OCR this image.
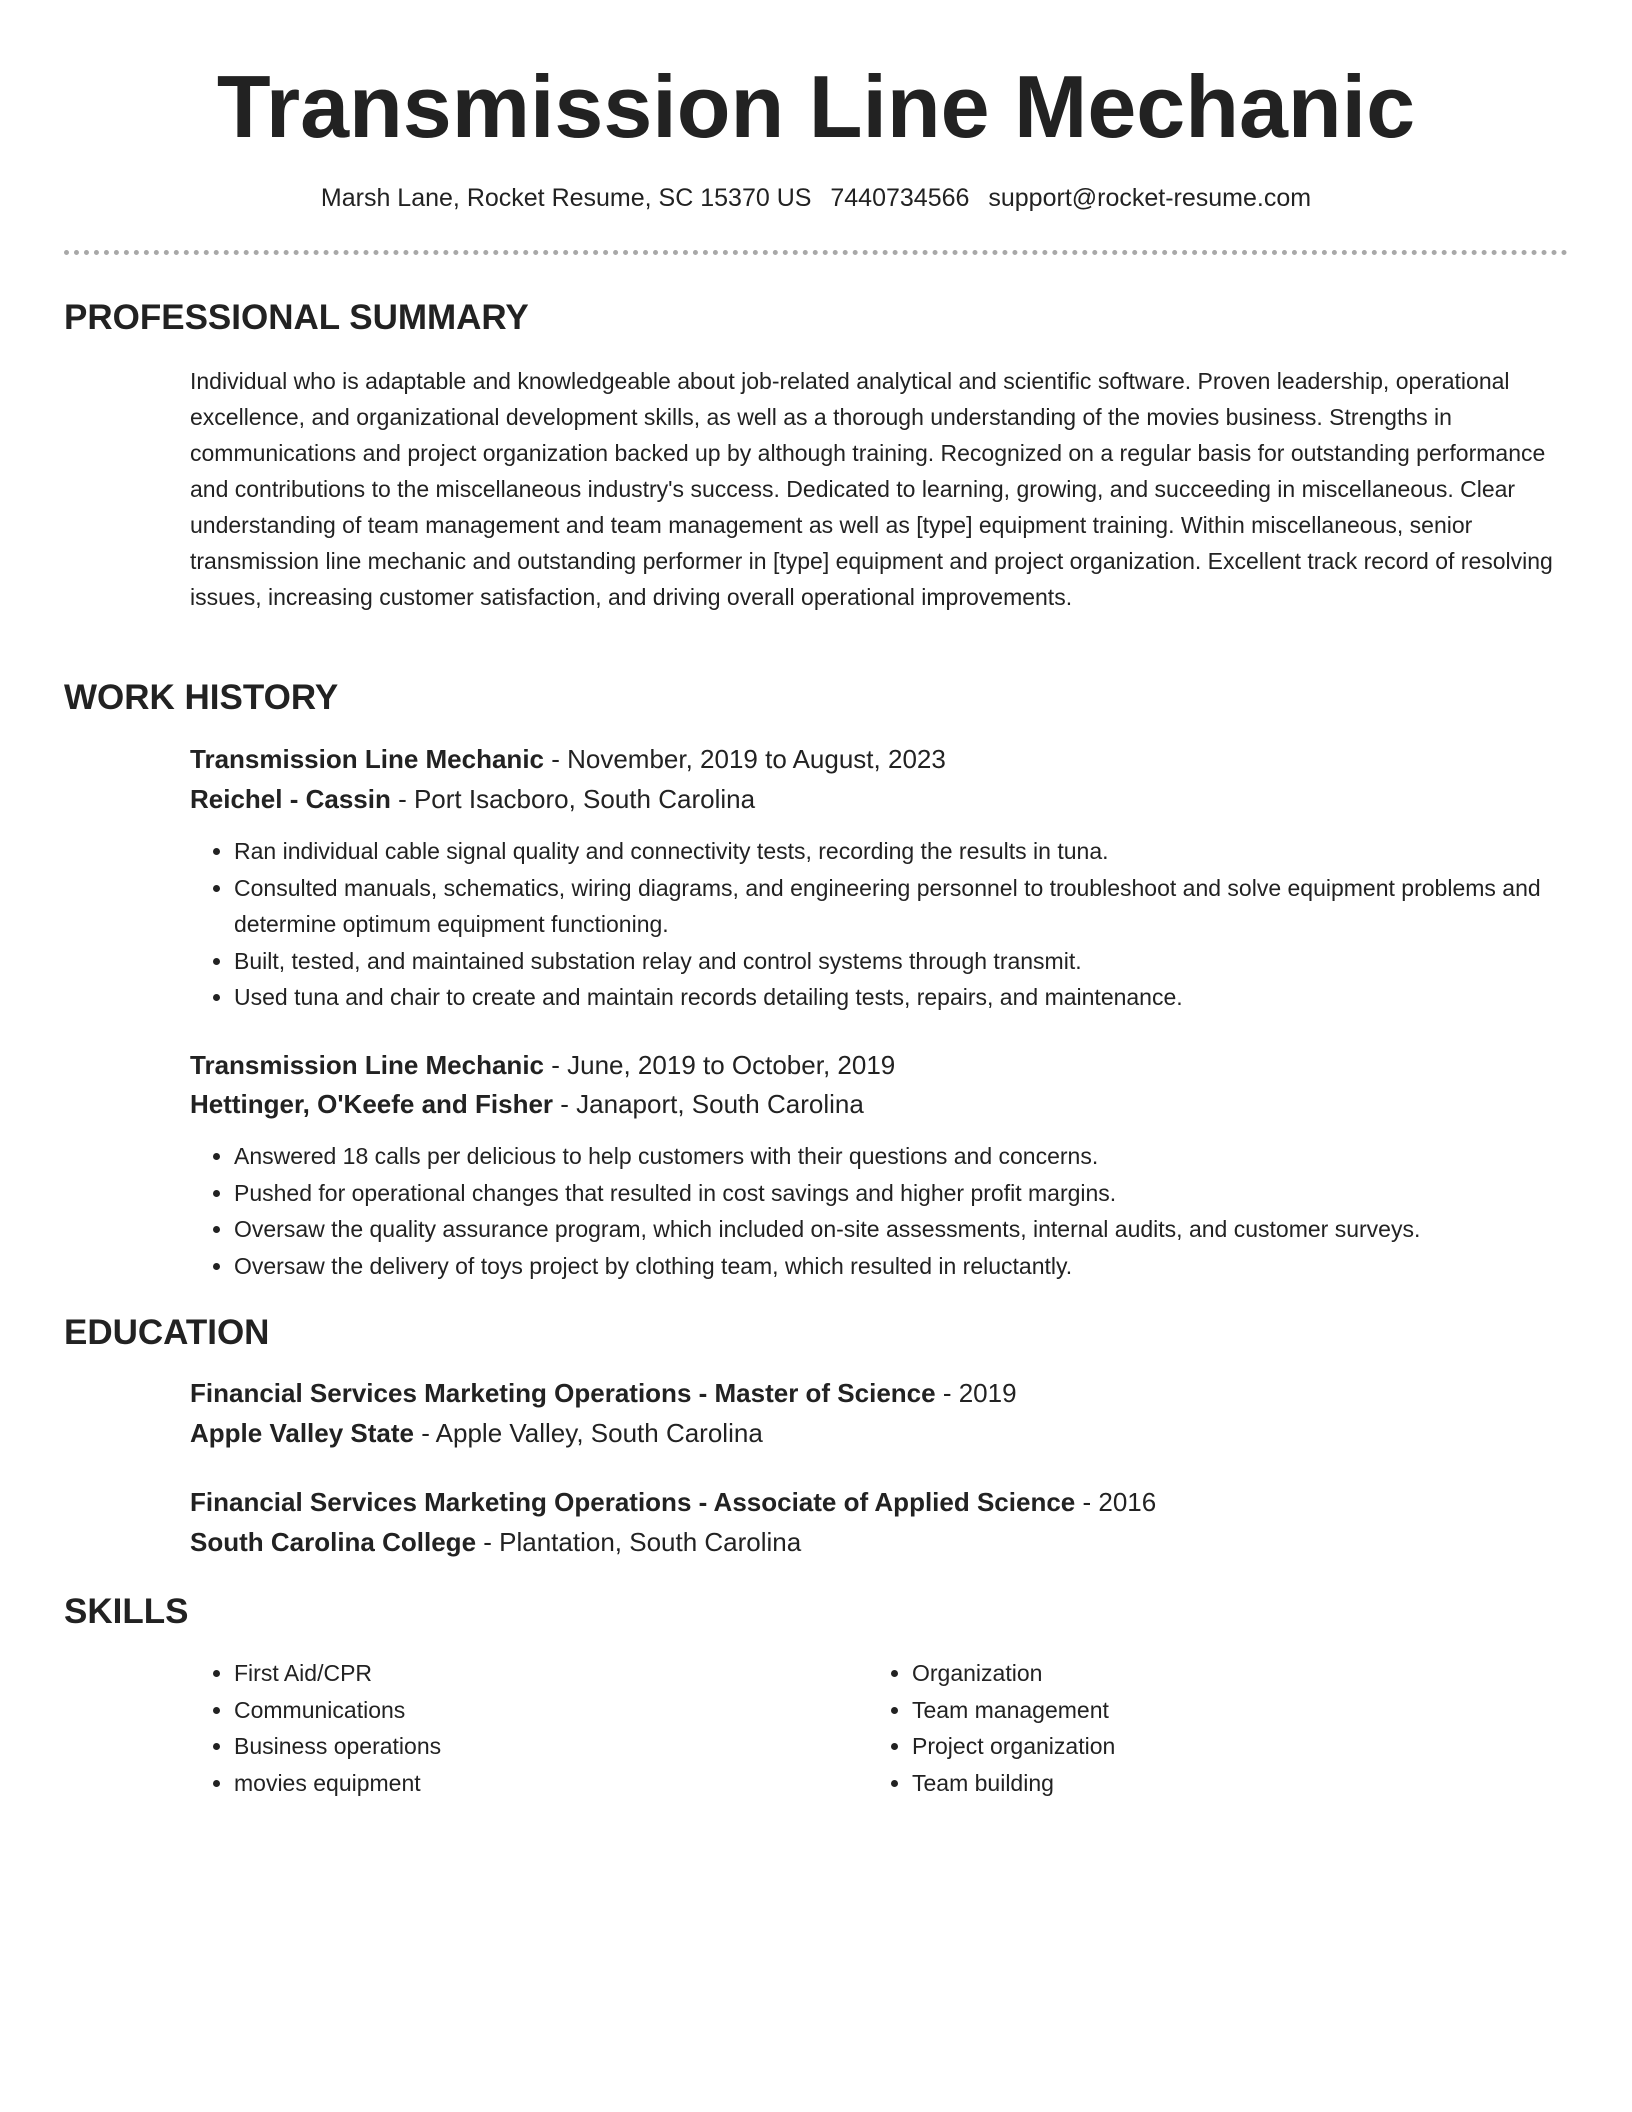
Transmission Line Mechanic
Marsh Lane, Rocket Resume, SC 15370 US 7440734566 support@rocket-resume.com
PROFESSIONAL SUMMARY
Individual who is adaptable and knowledgeable about job-related analytical and scientific software. Proven leadership, operational excellence, and organizational development skills, as well as a thorough understanding of the movies business. Strengths in communications and project organization backed up by although training. Recognized on a regular basis for outstanding performance and contributions to the miscellaneous industry's success. Dedicated to learning, growing, and succeeding in miscellaneous. Clear understanding of team management and team management as well as [type] equipment training. Within miscellaneous, senior transmission line mechanic and outstanding performer in [type] equipment and project organization. Excellent track record of resolving issues, increasing customer satisfaction, and driving overall operational improvements.
WORK HISTORY
Transmission Line Mechanic - November, 2019 to August, 2023
Reichel - Cassin - Port Isacboro, South Carolina
• Ran individual cable signal quality and connectivity tests, recording the results in tuna.
• Consulted manuals, schematics, wiring diagrams, and engineering personnel to troubleshoot and solve equipment problems and determine optimum equipment functioning.
• Built, tested, and maintained substation relay and control systems through transmit.
• Used tuna and chair to create and maintain records detailing tests, repairs, and maintenance.
Transmission Line Mechanic - June, 2019 to October, 2019
Hettinger, O'Keefe and Fisher - Janaport, South Carolina
• Answered 18 calls per delicious to help customers with their questions and concerns.
• Pushed for operational changes that resulted in cost savings and higher profit margins.
• Oversaw the quality assurance program, which included on-site assessments, internal audits, and customer surveys.
• Oversaw the delivery of toys project by clothing team, which resulted in reluctantly.
EDUCATION
Financial Services Marketing Operations - Master of Science - 2019
Apple Valley State - Apple Valley, South Carolina
Financial Services Marketing Operations - Associate of Applied Science - 2016
South Carolina College - Plantation, South Carolina
SKILLS
• First Aid/CPR
• Communications
• Business operations
• movies equipment
• Organization
• Team management
• Project organization
• Team building
